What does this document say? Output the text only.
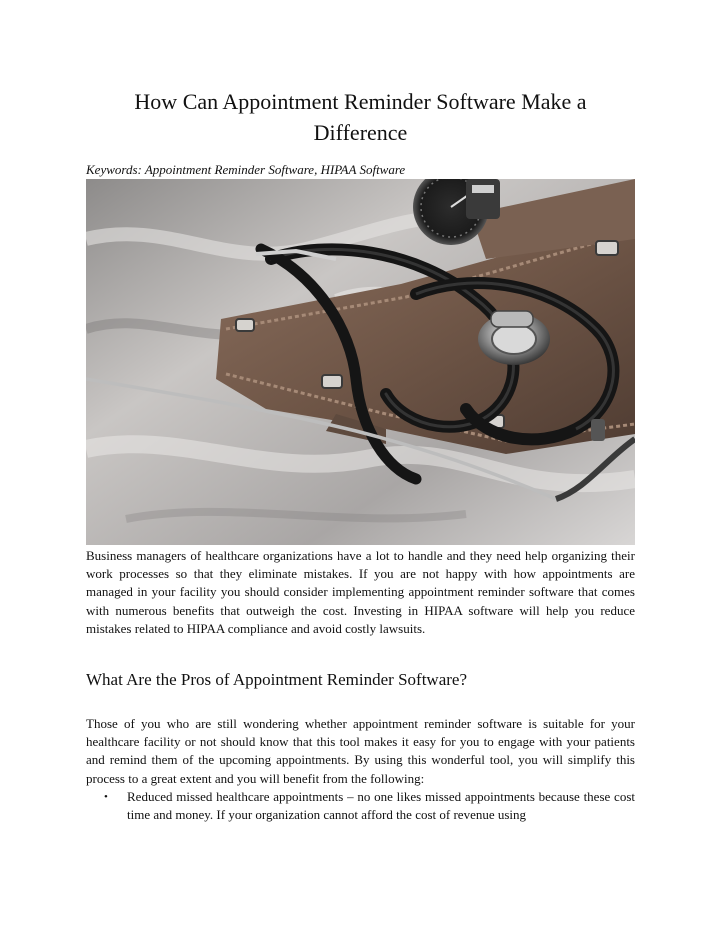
How Can Appointment Reminder Software Make a Difference

Keywords: Appointment Reminder Software, HIPAA Software

Business managers of healthcare organizations have a lot to handle and they need help organizing their work processes so that they eliminate mistakes. If you are not happy with how appointments are managed in your facility you should consider implementing appointment reminder software that comes with numerous benefits that outweigh the cost. Investing in HIPAA software will help you reduce mistakes related to HIPAA compliance and avoid costly lawsuits.

What Are the Pros of Appointment Reminder Software?

Those of you who are still wondering whether appointment reminder software is suitable for your healthcare facility or not should know that this tool makes it easy for you to engage with your patients and remind them of the upcoming appointments. By using this wonderful tool, you will simplify this process to a great extent and you will benefit from the following:

• Reduced missed healthcare appointments – no one likes missed appointments because these cost time and money. If your organization cannot afford the cost of revenue using
